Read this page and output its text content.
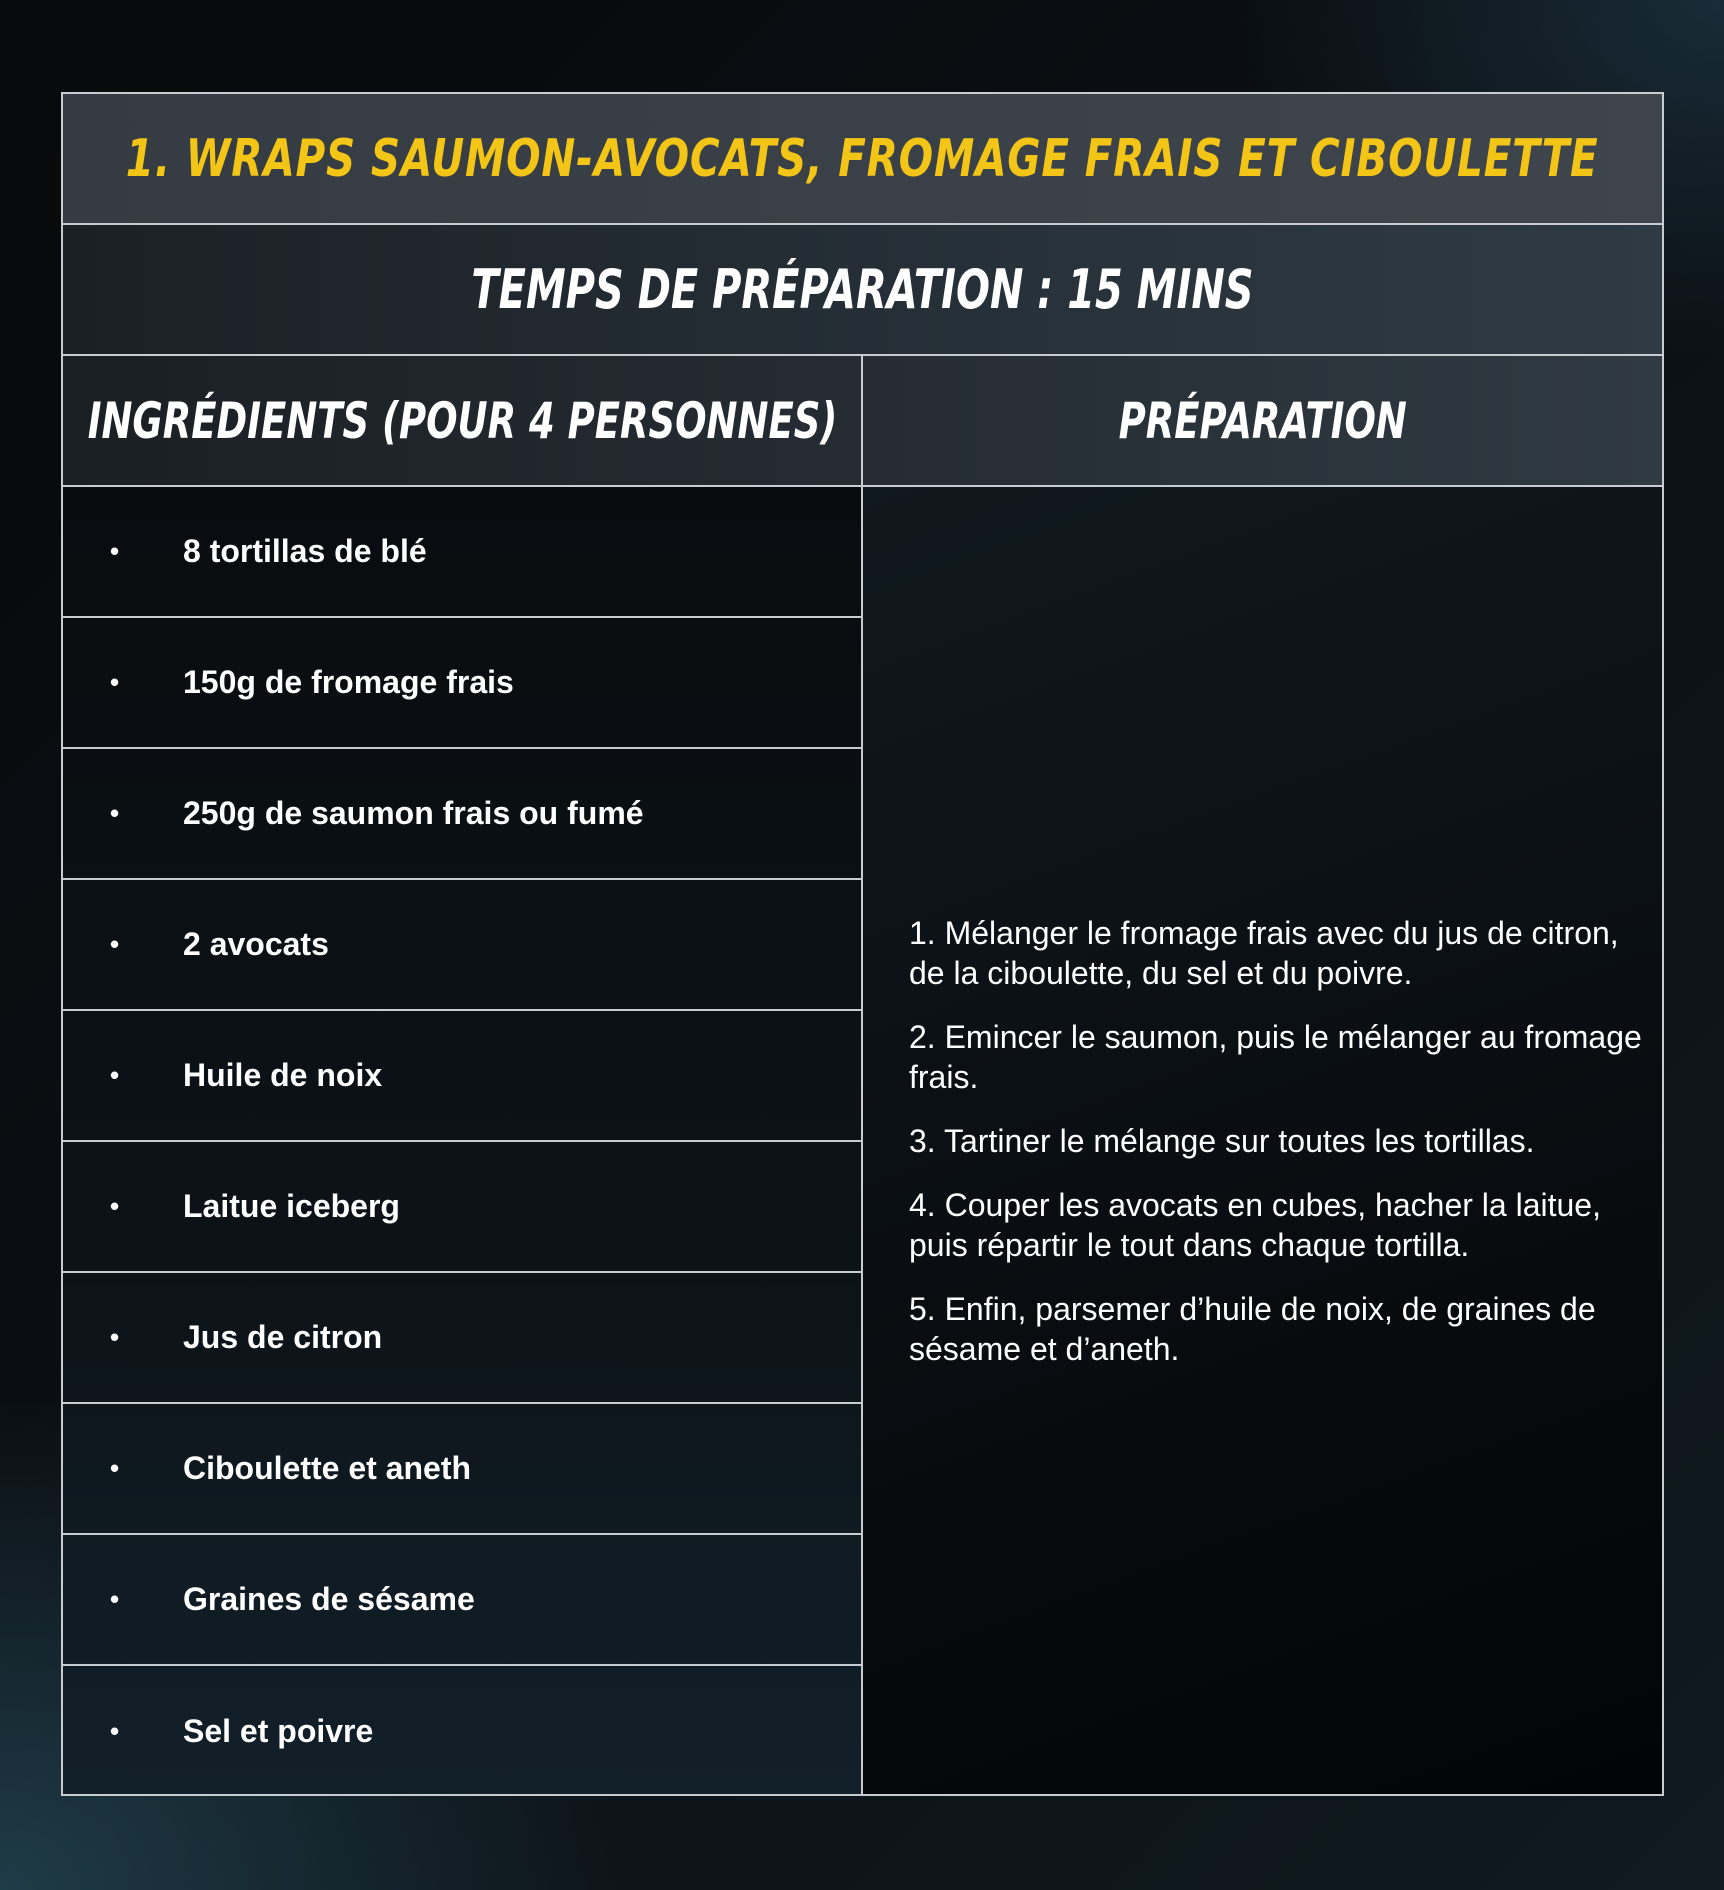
1. WRAPS SAUMON-AVOCATS, FROMAGE FRAIS ET CIBOULETTE
TEMPS DE PRÉPARATION : 15 MINS
INGRÉDIENTS (POUR 4 PERSONNES)	PRÉPARATION
•	8 tortillas de blé
•	150g de fromage frais
•	250g de saumon frais ou fumé
•	2 avocats
•	Huile de noix
•	Laitue iceberg
•	Jus de citron
•	Ciboulette et aneth
•	Graines de sésame
•	Sel et poivre

1. Mélanger le fromage frais avec du jus de citron, de la ciboulette, du sel et du poivre.

2. Emincer le saumon, puis le mélanger au fromage frais.

3. Tartiner le mélange sur toutes les tortillas.

4. Couper les avocats en cubes, hacher la laitue, puis répartir le tout dans chaque tortilla.

5. Enfin, parsemer d’huile de noix, de graines de sésame et d’aneth.
